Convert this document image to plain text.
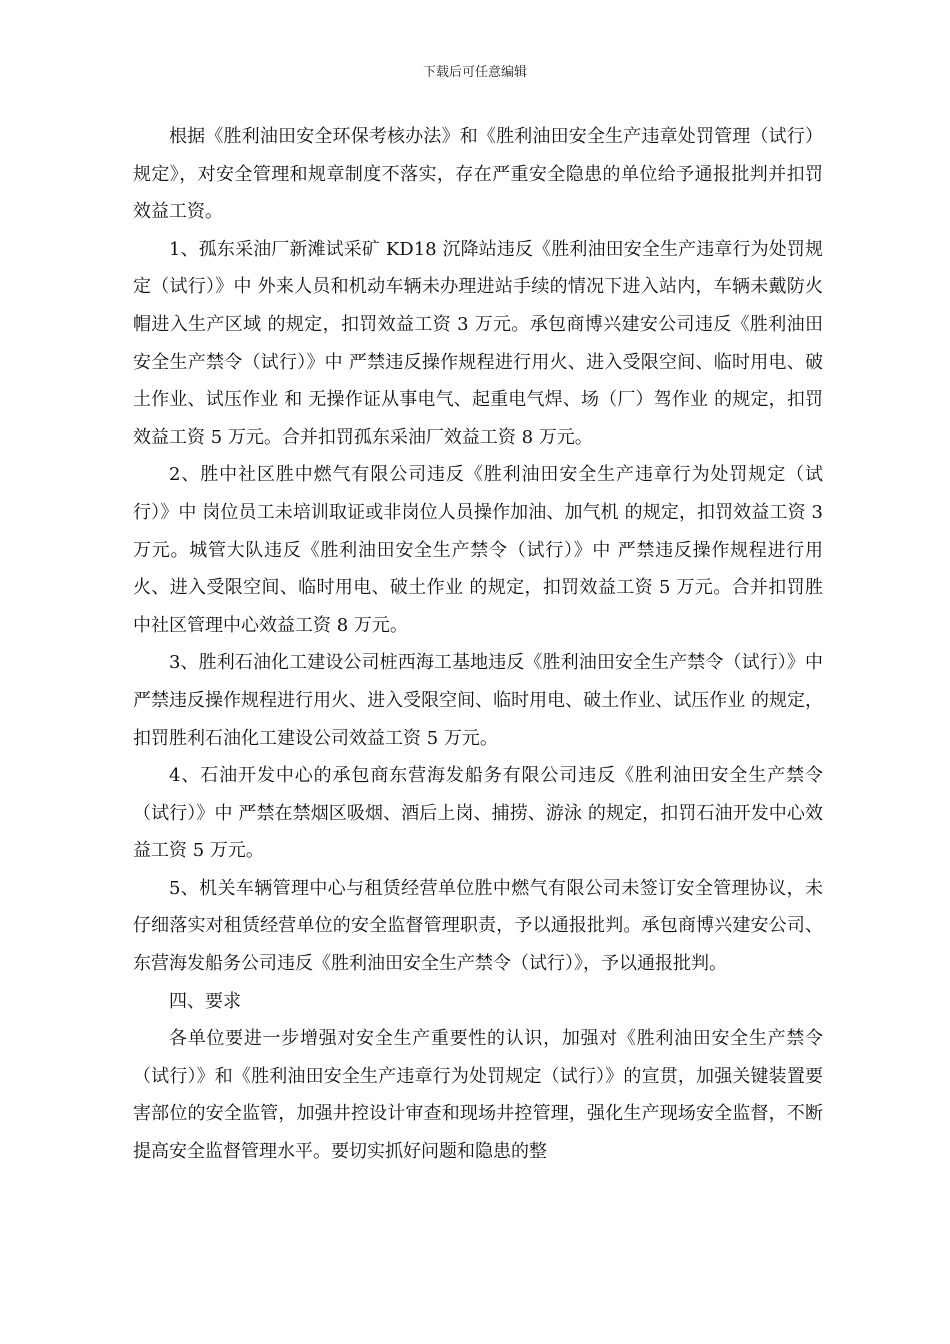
下载后可任意编辑

根据《胜利油田安全环保考核办法》和《胜利油田安全生产违章处罚管理（试行）规定》，对安全管理和规章制度不落实，存在严重安全隐患的单位给予通报批判并扣罚效益工资。

1、孤东采油厂新滩试采矿 KD18 沉降站违反《胜利油田安全生产违章行为处罚规定（试行）》中 外来人员和机动车辆未办理进站手续的情况下进入站内，车辆未戴防火帽进入生产区域 的规定，扣罚效益工资 3 万元。承包商博兴建安公司违反《胜利油田安全生产禁令（试行）》中 严禁违反操作规程进行用火、进入受限空间、临时用电、破土作业、试压作业 和 无操作证从事电气、起重电气焊、场（厂）驾作业 的规定，扣罚效益工资 5 万元。合并扣罚孤东采油厂效益工资 8 万元。

2、胜中社区胜中燃气有限公司违反《胜利油田安全生产违章行为处罚规定（试行）》中 岗位员工未培训取证或非岗位人员操作加油、加气机 的规定，扣罚效益工资 3 万元。城管大队违反《胜利油田安全生产禁令（试行）》中 严禁违反操作规程进行用火、进入受限空间、临时用电、破土作业 的规定，扣罚效益工资 5 万元。合并扣罚胜中社区管理中心效益工资 8 万元。

3、胜利石油化工建设公司桩西海工基地违反《胜利油田安全生产禁令（试行）》中 严禁违反操作规程进行用火、进入受限空间、临时用电、破土作业、试压作业 的规定，扣罚胜利石油化工建设公司效益工资 5 万元。

4、石油开发中心的承包商东营海发船务有限公司违反《胜利油田安全生产禁令（试行）》中 严禁在禁烟区吸烟、酒后上岗、捕捞、游泳 的规定，扣罚石油开发中心效益工资 5 万元。

5、机关车辆管理中心与租赁经营单位胜中燃气有限公司未签订安全管理协议，未仔细落实对租赁经营单位的安全监督管理职责，予以通报批判。承包商博兴建安公司、东营海发船务公司违反《胜利油田安全生产禁令（试行）》，予以通报批判。

四、要求

各单位要进一步增强对安全生产重要性的认识，加强对《胜利油田安全生产禁令（试行）》和《胜利油田安全生产违章行为处罚规定（试行）》的宣贯，加强关键装置要害部位的安全监管，加强井控设计审查和现场井控管理，强化生产现场安全监督，不断提高安全监督管理水平。要切实抓好问题和隐患的整
